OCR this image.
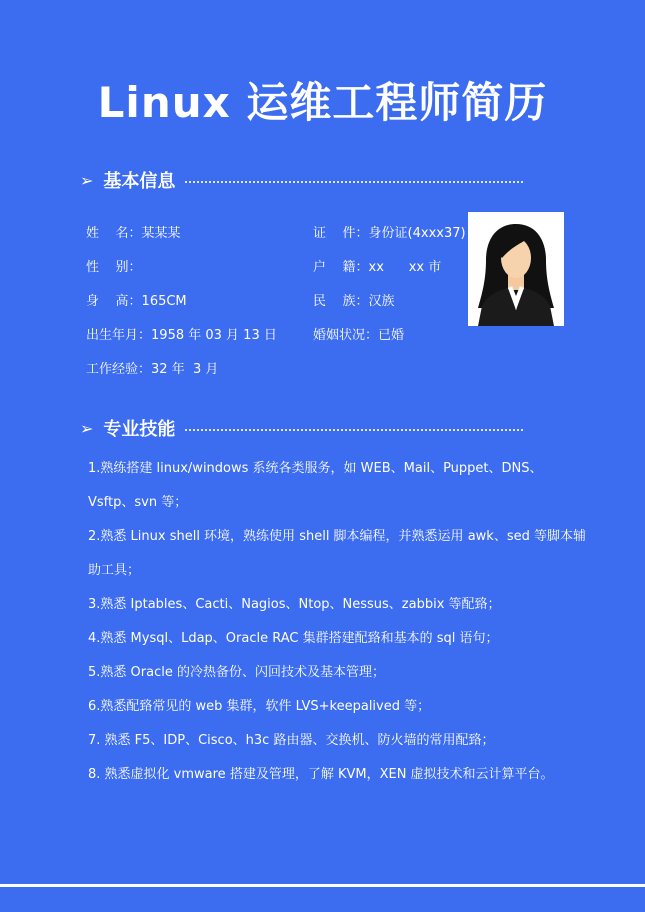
Linux 运维工程师简历
➢ 基本信息
姓    名：某某某	证    件：身份证(4xxx37)
性    别：	户    籍：xx      xx 市
身    高：165CM	民    族：汉族
出生年月：1958 年 03 月 13 日	婚姻状况：已婚
工作经验：32 年  3 月
➢ 专业技能

1.熟练搭建 linux/windows 系统各类服务，如 WEB、Mail、Puppet、DNS、Vsftp、svn 等；

2.熟悉 Linux shell 环境，熟练使用 shell 脚本编程，并熟悉运用 awk、sed 等脚本辅助工具；

3.熟悉 Iptables、Cacti、Nagios、Ntop、Nessus、zabbix 等配臵；

4.熟悉 Mysql、Ldap、Oracle RAC 集群搭建配臵和基本的 sql 语句；

5.熟悉 Oracle 的冷热备份、闪回技术及基本管理；

6.熟悉配臵常见的 web 集群，软件 LVS+keepalived 等；

7. 熟悉 F5、IDP、Cisco、h3c 路由器、交换机、防火墙的常用配臵；

8. 熟悉虚拟化 vmware 搭建及管理，了解 KVM，XEN 虚拟技术和云计算平台。
